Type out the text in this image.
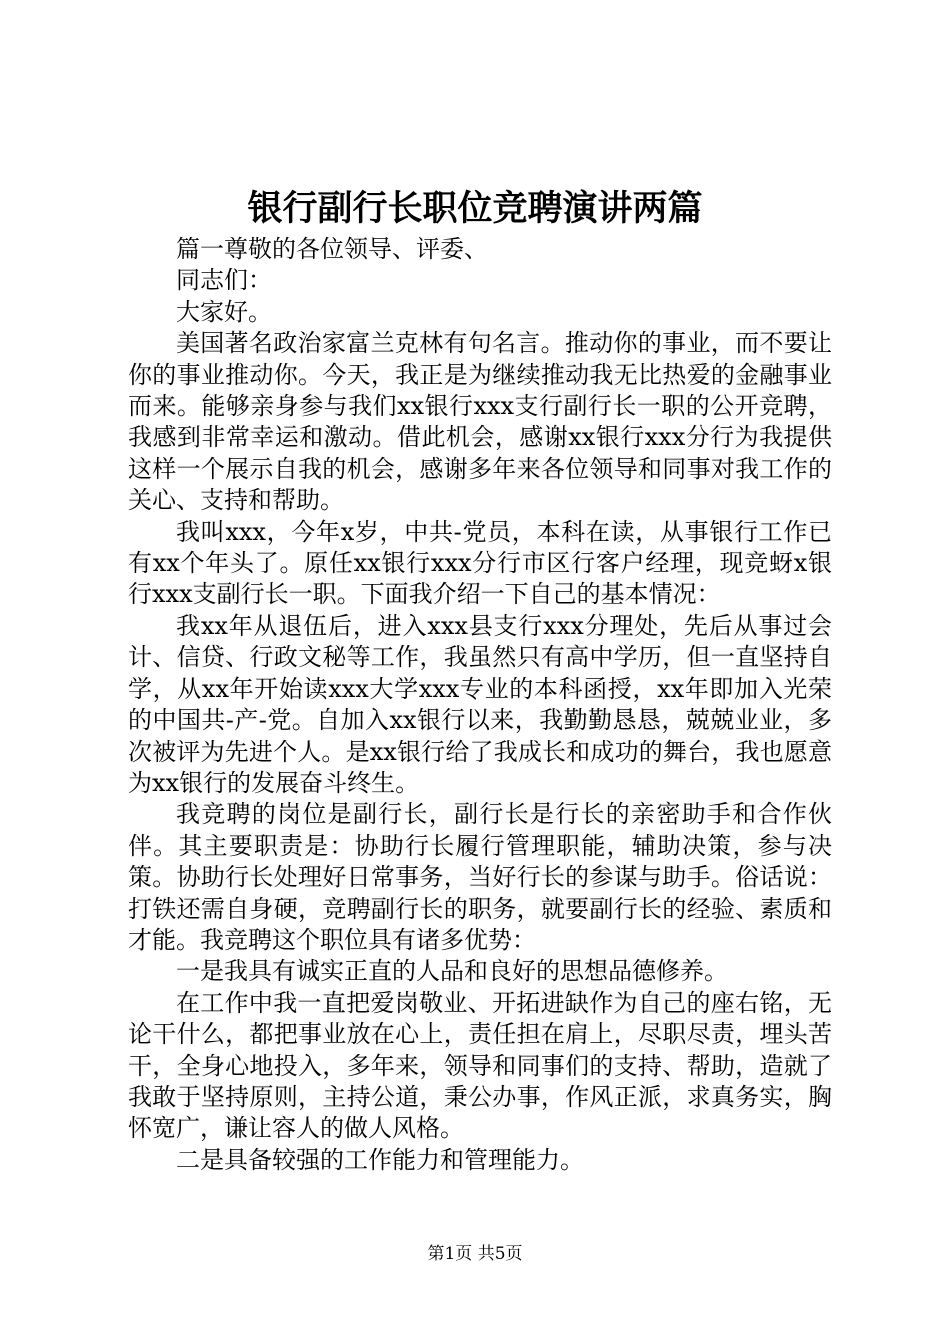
银行副行长职位竞聘演讲两篇

篇一尊敬的各位领导、评委、

同志们：

大家好。

美国著名政治家富兰克林有句名言。推动你的事业，而不要让你的事业推动你。今天，我正是为继续推动我无比热爱的金融事业而来。能够亲身参与我们xx银行xxx支行副行长一职的公开竞聘，我感到非常幸运和激动。借此机会，感谢xx银行xxx分行为我提供这样一个展示自我的机会，感谢多年来各位领导和同事对我工作的关心、支持和帮助。

我叫xxx，今年x岁，中共-党员，本科在读，从事银行工作已有xx个年头了。原任xx银行xxx分行市区行客户经理，现竞蚜x银行xxx支副行长一职。下面我介绍一下自己的基本情况：

我xx年从退伍后，进入xxx县支行xxx分理处，先后从事过会计、信贷、行政文秘等工作，我虽然只有高中学历，但一直坚持自学，从xx年开始读xxx大学xxx专业的本科函授，xx年即加入光荣的中国共-产-党。自加入xx银行以来，我勤勤恳恳，兢兢业业，多次被评为先进个人。是xx银行给了我成长和成功的舞台，我也愿意为xx银行的发展奋斗终生。

我竞聘的岗位是副行长，副行长是行长的亲密助手和合作伙伴。其主要职责是：协助行长履行管理职能，辅助决策，参与决策。协助行长处理好日常事务，当好行长的参谋与助手。俗话说：打铁还需自身硬，竞聘副行长的职务，就要副行长的经验、素质和才能。我竞聘这个职位具有诸多优势：

一是我具有诚实正直的人品和良好的思想品德修养。

在工作中我一直把爱岗敬业、开拓进缺作为自己的座右铭，无论干什么，都把事业放在心上，责任担在肩上，尽职尽责，埋头苦干，全身心地投入，多年来，领导和同事们的支持、帮助，造就了我敢于坚持原则，主持公道，秉公办事，作风正派，求真务实，胸怀宽广，谦让容人的做人风格。

二是具备较强的工作能力和管理能力。

第1页 共5页
